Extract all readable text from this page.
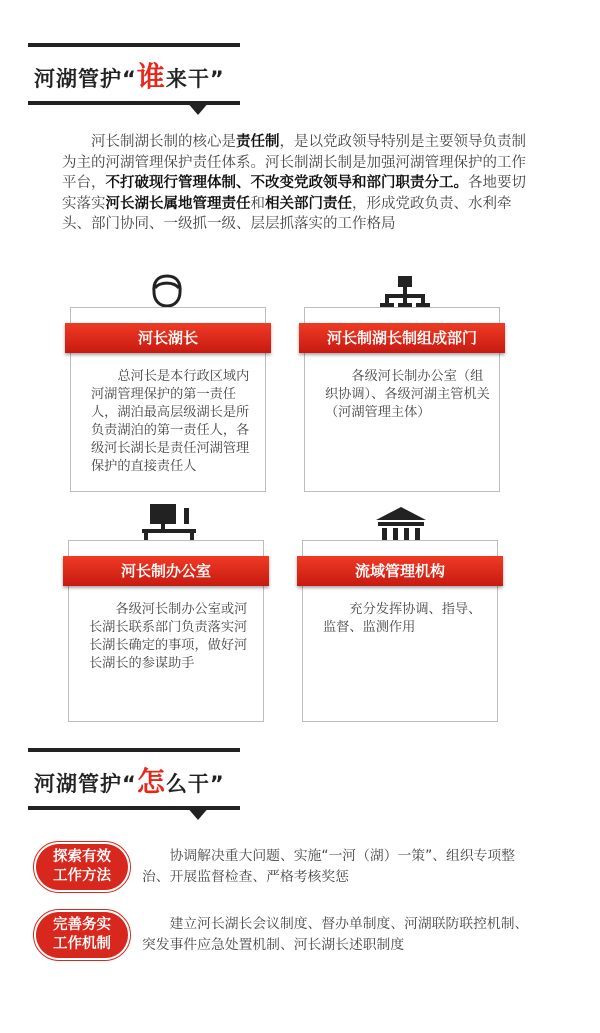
河湖管护“谁来干”

河长制湖长制的核心是责任制，是以党政领导特别是主要领导负责制为主的河湖管理保护责任体系。河长制湖长制是加强河湖管理保护的工作平台，不打破现行管理体制、不改变党政领导和部门职责分工。各地要切实落实河长湖长属地管理责任和相关部门责任，形成党政负责、水利牵头、部门协同、一级抓一级、层层抓落实的工作格局

河长湖长
总河长是本行政区域内河湖管理保护的第一责任人，湖泊最高层级湖长是所负责湖泊的第一责任人，各级河长湖长是责任河湖管理保护的直接责任人
河长制湖长制组成部门
各级河长制办公室（组织协调）、各级河湖主管机关（河湖管理主体）
河长制办公室
各级河长制办公室或河长湖长联系部门负责落实河长湖长确定的事项，做好河长湖长的参谋助手
流域管理机构
充分发挥协调、指导、监督、监测作用
河湖管护“怎么干”
探索有效
工作方法

协调解决重大问题、实施“一河（湖）一策”、组织专项整治、开展监督检查、严格考核奖惩

完善务实
工作机制

建立河长湖长会议制度、督办单制度、河湖联防联控机制、突发事件应急处置机制、河长湖长述职制度
